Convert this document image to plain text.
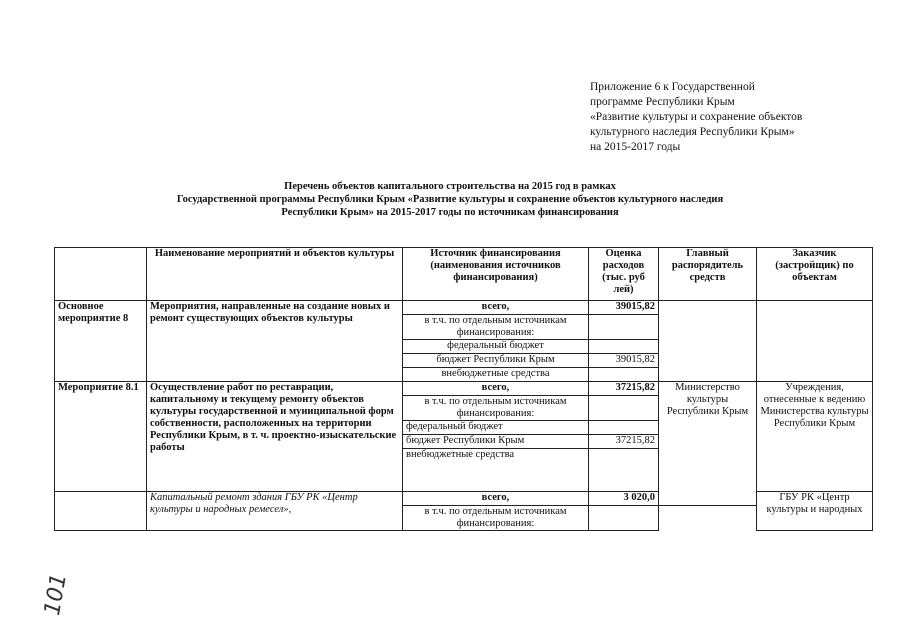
Приложение 6 к Государственной
программе Республики Крым
«Развитие культуры и сохранение объектов
культурного наследия Республики Крым»
на 2015-2017 годы
Перечень объектов капитального строительства на 2015 год в рамках
Государственной программы Республики Крым «Развитие культуры и сохранение объектов культурного наследия
Республики Крым» на 2015-2017 годы по источникам финансирования
	Наименование мероприятий и объектов культуры	Источник финансирования (наименования источников финансирования)	Оценка расходов (тыс. руб лей)	Главный распорядитель средств	Заказчик (застройщик) по объектам
Основное мероприятие 8	Мероприятия, направленные на создание новых и ремонт существующих объектов культуры	всего,	39015,82		
		в т.ч. по отдельным источникам финансирования:			
		федеральный бюджет			
		бюджет Республики Крым	39015,82		
		внебюджетные средства			
Мероприятие 8.1	Осуществление работ по реставрации, капитальному и текущему ремонту объектов культуры государственной и муниципальной форм собственности, расположенных на территории Республики Крым, в т. ч. проектно-изыскательские работы	всего,	37215,82	Министерство культуры Республики Крым	Учреждения, отнесенные к ведению Министерства культуры Республики Крым
		в т.ч. по отдельным источникам финансирования:			
		федеральный бюджет			
		бюджет Республики Крым	37215,82		
		внебюджетные средства			
	Капитальный ремонт здания ГБУ РК «Центр культуры и народных ремесел»,	всего,	3 020,0		ГБУ РК «Центр культуры и народных
		в т.ч. по отдельным источникам финансирования:			
101
